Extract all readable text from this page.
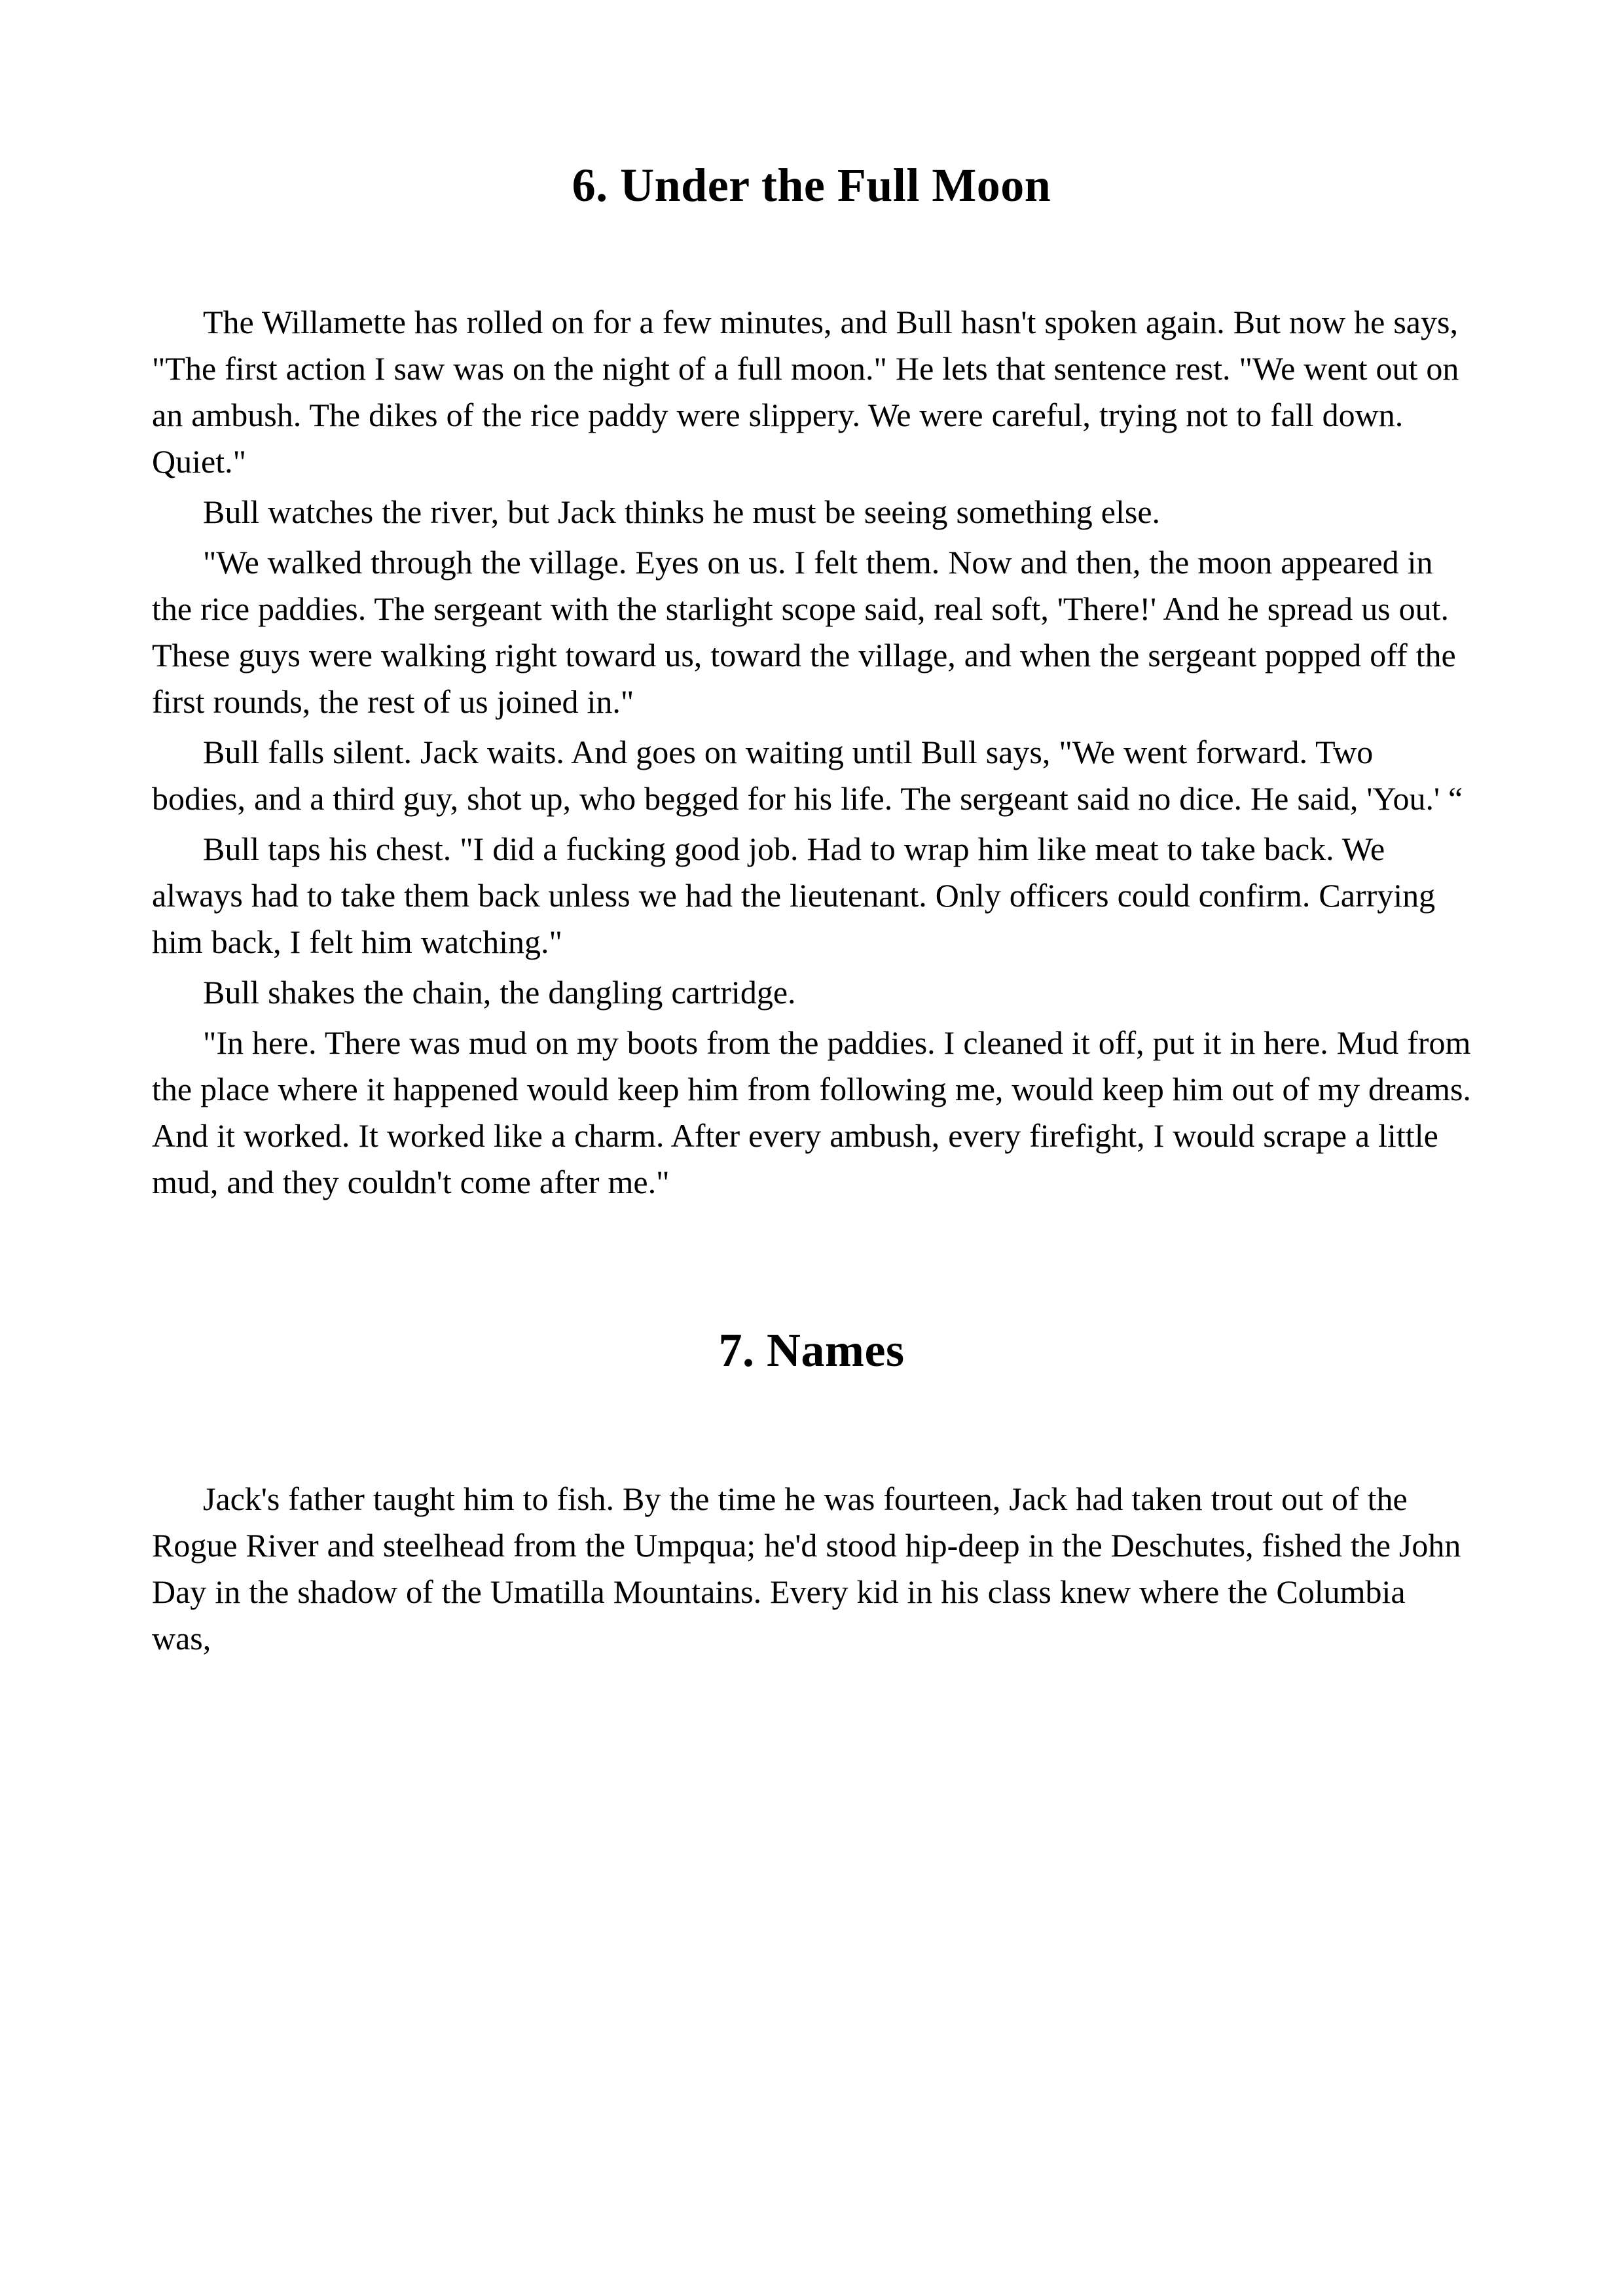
6. Under the Full Moon

The Willamette has rolled on for a few minutes, and Bull hasn't spoken again. But now he says, "The first action I saw was on the night of a full moon." He lets that sentence rest. "We went out on an ambush. The dikes of the rice paddy were slippery. We were careful, trying not to fall down. Quiet."

Bull watches the river, but Jack thinks he must be seeing something else.

"We walked through the village. Eyes on us. I felt them. Now and then, the moon appeared in the rice paddies. The sergeant with the starlight scope said, real soft, 'There!' And he spread us out. These guys were walking right toward us, toward the village, and when the sergeant popped off the first rounds, the rest of us joined in."

Bull falls silent. Jack waits. And goes on waiting until Bull says, "We went forward. Two bodies, and a third guy, shot up, who begged for his life. The sergeant said no dice. He said, 'You.' “

Bull taps his chest. "I did a fucking good job. Had to wrap him like meat to take back. We always had to take them back unless we had the lieutenant. Only officers could confirm. Carrying him back, I felt him watching."

Bull shakes the chain, the dangling cartridge.

"In here. There was mud on my boots from the paddies. I cleaned it off, put it in here. Mud from the place where it happened would keep him from following me, would keep him out of my dreams. And it worked. It worked like a charm. After every ambush, every firefight, I would scrape a little mud, and they couldn't come after me."

7. Names

Jack's father taught him to fish. By the time he was fourteen, Jack had taken trout out of the Rogue River and steelhead from the Umpqua; he'd stood hip-deep in the Deschutes, fished the John Day in the shadow of the Umatilla Mountains. Every kid in his class knew where the Columbia was,
